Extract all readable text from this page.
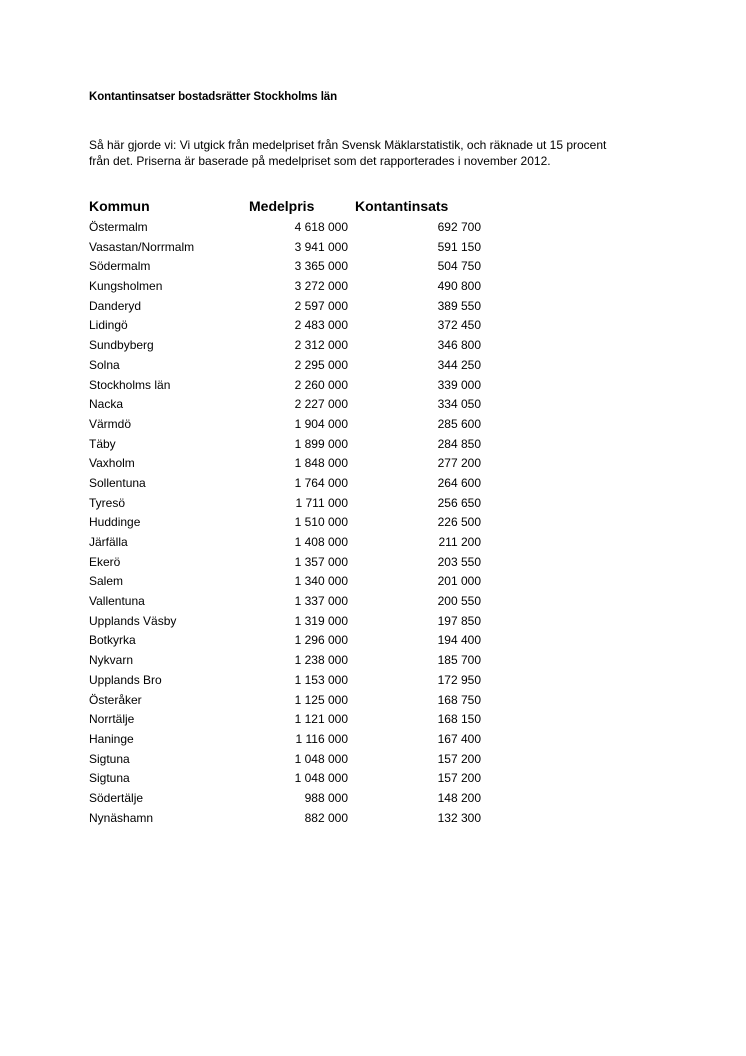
Kontantinsatser bostadsrätter Stockholms län
Så här gjorde vi: Vi utgick från medelpriset från Svensk Mäklarstatistik, och räknade ut 15 procent
från det. Priserna är baserade på medelpriset som det rapporterades i november 2012.
Kommun	Medelpris	Kontantinsats
Östermalm	4 618 000	692 700
Vasastan/Norrmalm	3 941 000	591 150
Södermalm	3 365 000	504 750
Kungsholmen	3 272 000	490 800
Danderyd	2 597 000	389 550
Lidingö	2 483 000	372 450
Sundbyberg	2 312 000	346 800
Solna	2 295 000	344 250
Stockholms län	2 260 000	339 000
Nacka	2 227 000	334 050
Värmdö	1 904 000	285 600
Täby	1 899 000	284 850
Vaxholm	1 848 000	277 200
Sollentuna	1 764 000	264 600
Tyresö	1 711 000	256 650
Huddinge	1 510 000	226 500
Järfälla	1 408 000	211 200
Ekerö	1 357 000	203 550
Salem	1 340 000	201 000
Vallentuna	1 337 000	200 550
Upplands Väsby	1 319 000	197 850
Botkyrka	1 296 000	194 400
Nykvarn	1 238 000	185 700
Upplands Bro	1 153 000	172 950
Österåker	1 125 000	168 750
Norrtälje	1 121 000	168 150
Haninge	1 116 000	167 400
Sigtuna	1 048 000	157 200
Sigtuna	1 048 000	157 200
Södertälje	988 000	148 200
Nynäshamn	882 000	132 300
